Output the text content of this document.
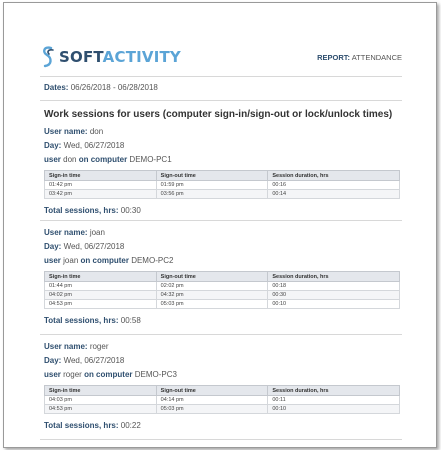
SOFTACTIVITY	REPORT: ATTENDANCE
Dates: 06/26/2018 - 06/28/2018
Work sessions for users (computer sign-in/sign-out or lock/unlock times)
User name: don
Day: Wed, 06/27/2018
user don on computer DEMO-PC1
Sign-in time	Sign-out time	Session duration, hrs
01:42 pm	01:59 pm	00:16
03:42 pm	03:56 pm	00:14
Total sessions, hrs: 00:30
User name: joan
Day: Wed, 06/27/2018
user joan on computer DEMO-PC2
Sign-in time	Sign-out time	Session duration, hrs
01:44 pm	02:02 pm	00:18
04:02 pm	04:32 pm	00:30
04:53 pm	05:03 pm	00:10
Total sessions, hrs: 00:58
User name: roger
Day: Wed, 06/27/2018
user roger on computer DEMO-PC3
Sign-in time	Sign-out time	Session duration, hrs
04:03 pm	04:14 pm	00:11
04:53 pm	05:03 pm	00:10
Total sessions, hrs: 00:22
